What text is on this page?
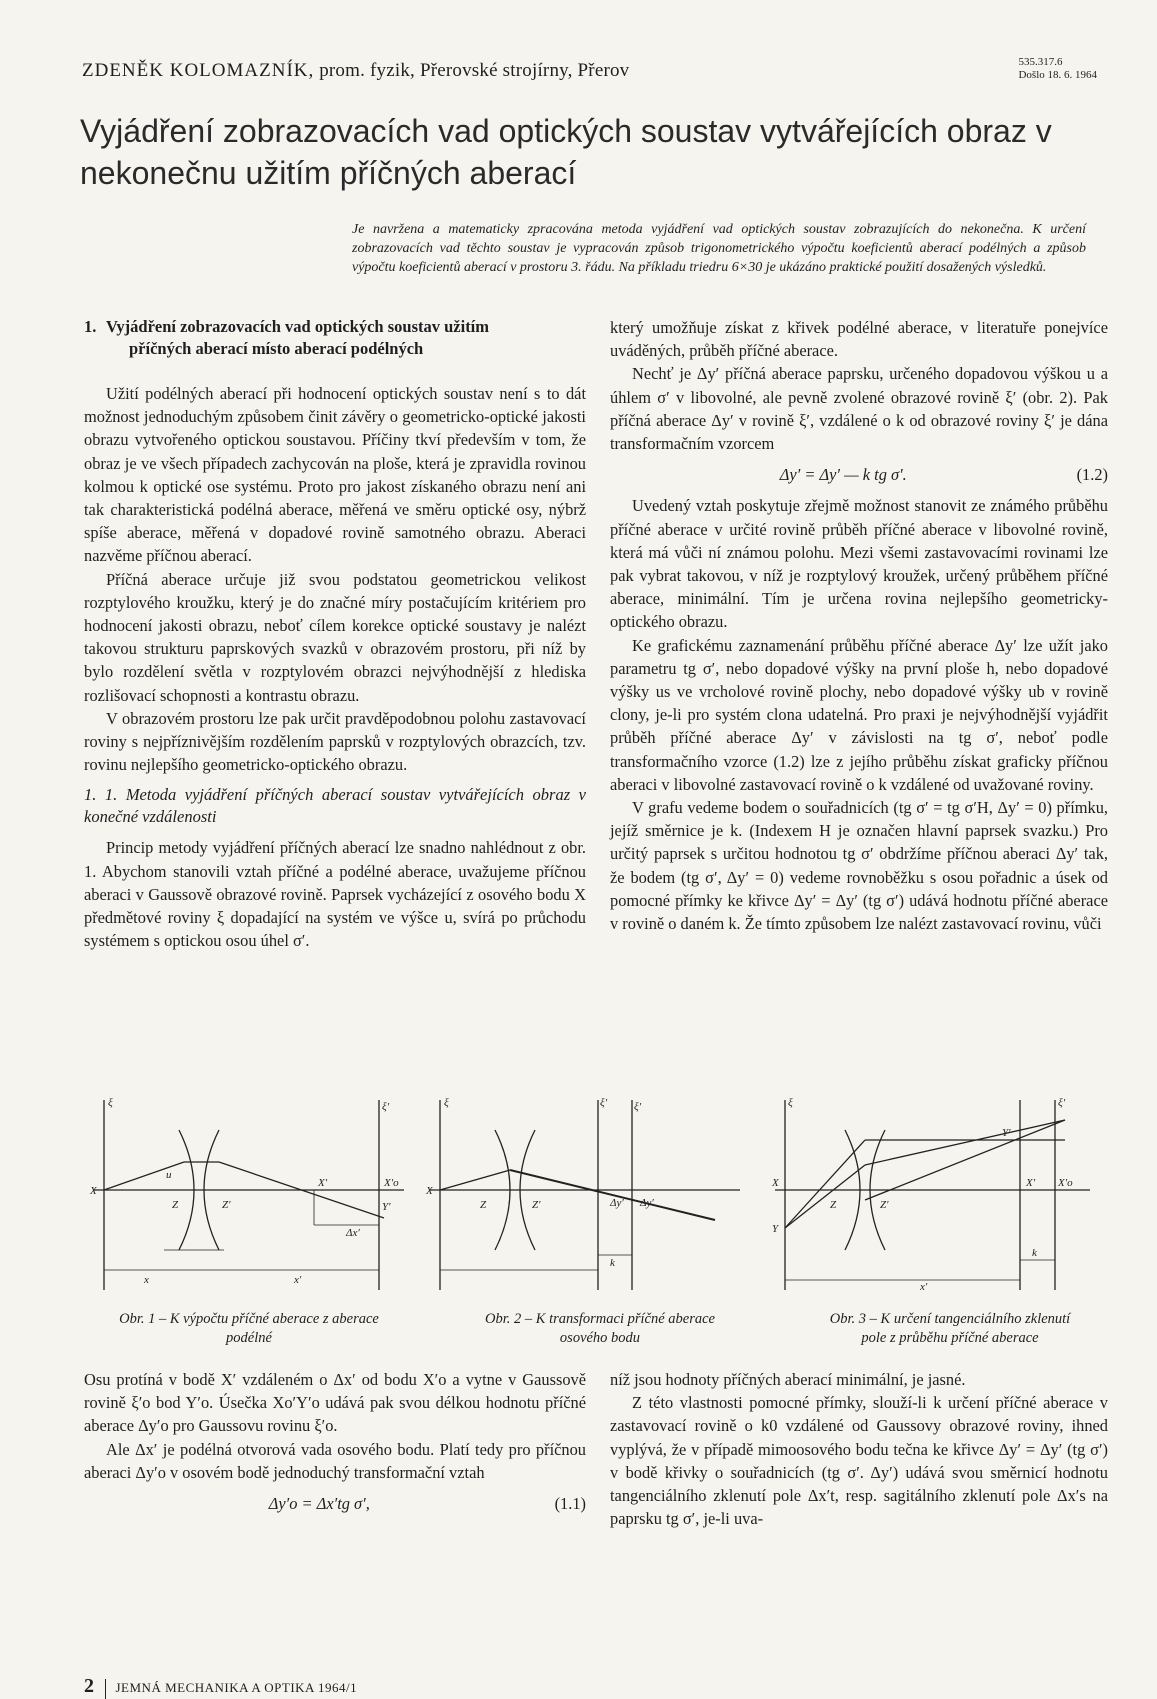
ZDENĚK KOLOMAZNÍK, prom. fyzik, Přerovské strojírny, Přerov	535.317.6
Došlo 18. 6. 1964
Vyjádření zobrazovacích vad optických soustav vytvářejících obraz v nekonečnu užitím příčných aberací
Je navržena a matematicky zpracována metoda vyjádření vad optických soustav zobrazujících do nekonečna. K určení zobrazovacích vad těchto soustav je vypracován způsob trigonometrického výpočtu koeficientů aberací podélných a způsob výpočtu koeficientů aberací v prostoru 3. řádu. Na příkladu triedru 6×30 je ukázáno praktické použití dosažených výsledků.
1. Vyjádření zobrazovacích vad optických soustav užitím
příčných aberací místo aberací podélných

Užití podélných aberací při hodnocení optických soustav není s to dát možnost jednoduchým způsobem činit závěry o geometricko-optické jakosti obrazu vytvořeného optickou soustavou. Příčiny tkví především v tom, že obraz je ve všech případech zachycován na ploše, která je zpravidla rovinou kolmou k optické ose systému. Proto pro jakost získaného obrazu není ani tak charakteristická podélná aberace, měřená ve směru optické osy, nýbrž spíše aberace, měřená v dopadové rovině samotného obrazu. Aberaci nazvěme příčnou aberací.

Příčná aberace určuje již svou podstatou geometrickou velikost rozptylového kroužku, který je do značné míry postačujícím kritériem pro hodnocení jakosti obrazu, neboť cílem korekce optické soustavy je nalézt takovou strukturu paprskových svazků v obrazovém prostoru, při níž by bylo rozdělení světla v rozptylovém obrazci nejvýhodnější z hlediska rozlišovací schopnosti a kontrastu obrazu.

V obrazovém prostoru lze pak určit pravděpodobnou polohu zastavovací roviny s nejpříznivějším rozdělením paprsků v rozptylových obrazcích, tzv. rovinu nejlepšího geometricko-optického obrazu.

1. 1. Metoda vyjádření příčných aberací soustav vytvářejících obraz v konečné vzdálenosti

Princip metody vyjádření příčných aberací lze snadno nahlédnout z obr. 1. Abychom stanovili vztah příčné a podélné aberace, uvažujeme příčnou aberaci v Gaussově obrazové rovině. Paprsek vycházející z osového bodu X předmětové roviny ξ dopadající na systém ve výšce u, svírá po průchodu systémem s optickou osou úhel σ′.

který umožňuje získat z křivek podélné aberace, v literatuře ponejvíce uváděných, průběh příčné aberace.

Nechť je Δy′ příčná aberace paprsku, určeného dopadovou výškou u a úhlem σ′ v libovolné, ale pevně zvolené obrazové rovině ξ′ (obr. 2). Pak příčná aberace Δy′ v rovině ξ′, vzdálené o k od obrazové roviny ξ′ je dána transformačním vzorcem

Δy′ = Δy′ — k tg σ′.	(1.2)

Uvedený vztah poskytuje zřejmě možnost stanovit ze známého průběhu příčné aberace v určité rovině průběh příčné aberace v libovolné rovině, která má vůči ní známou polohu. Mezi všemi zastavovacími rovinami lze pak vybrat takovou, v níž je rozptylový kroužek, určený průběhem příčné aberace, minimální. Tím je určena rovina nejlepšího geometricky-optického obrazu.

Ke grafickému zaznamenání průběhu příčné aberace Δy′ lze užít jako parametru tg σ′, nebo dopadové výšky na první ploše h, nebo dopadové výšky us ve vrcholové rovině plochy, nebo dopadové výšky ub v rovině clony, je-li pro systém clona udatelná. Pro praxi je nejvýhodnější vyjádřit průběh příčné aberace Δy′ v závislosti na tg σ′, neboť podle transformačního vzorce (1.2) lze z jejího průběhu získat graficky příčnou aberaci v libovolné zastavovací rovině o k vzdálené od uvažované roviny.

V grafu vedeme bodem o souřadnicích (tg σ′ = tg σ′H, Δy′ = 0) přímku, jejíž směrnice je k. (Indexem H je označen hlavní paprsek svazku.) Pro určitý paprsek s určitou hodnotou tg σ′ obdržíme příčnou aberaci Δy′ tak, že bodem (tg σ′, Δy′ = 0) vedeme rovnoběžku s osou pořadnic a úsek od pomocné přímky ke křivce Δy′ = Δy′ (tg σ′) udává hodnotu příčné aberace v rovině o daném k. Že tímto způsobem lze nalézt zastavovací rovinu, vůči

ξ	ξ′
X
X′	X′o
Y′
u
Z	Z′
x	x′
Δx′
ξ	ξ′ ξ′
X
Z	Z′	Δy′ Δy′
k
ξ	ξ′
X
Y
Z	Z′
Y′
X′ X′o
k
x′
Obr. 1 – K výpočtu příčné aberace z aberace
podélné
Obr. 2 – K transformaci příčné aberace
osového bodu
Obr. 3 – K určení tangenciálního zklenutí
pole z průběhu příčné aberace

Osu protíná v bodě X′ vzdáleném o Δx′ od bodu X′o a vytne v Gaussově rovině ξ′o bod Y′o. Úsečka Xo′Y′o udává pak svou délkou hodnotu příčné aberace Δy′o pro Gaussovu rovinu ξ′o.

Ale Δx′ je podélná otvorová vada osového bodu. Platí tedy pro příčnou aberaci Δy′o v osovém bodě jednoduchý transformační vztah

Δy′o = Δx′tg σ′,	(1.1)

níž jsou hodnoty příčných aberací minimální, je jasné.

Z této vlastnosti pomocné přímky, slouží-li k určení příčné aberace v zastavovací rovině o k0 vzdálené od Gaussovy obrazové roviny, ihned vyplývá, že v případě mimoosového bodu tečna ke křivce Δy′ = Δy′ (tg σ′) v bodě křivky o souřadnicích (tg σ′. Δy′) udává svou směrnicí hodnotu tangenciálního zklenutí pole Δx′t, resp. sagitálního zklenutí pole Δx′s na paprsku tg σ′, je-li uva-

2 JEMNÁ MECHANIKA A OPTIKA 1964/1
